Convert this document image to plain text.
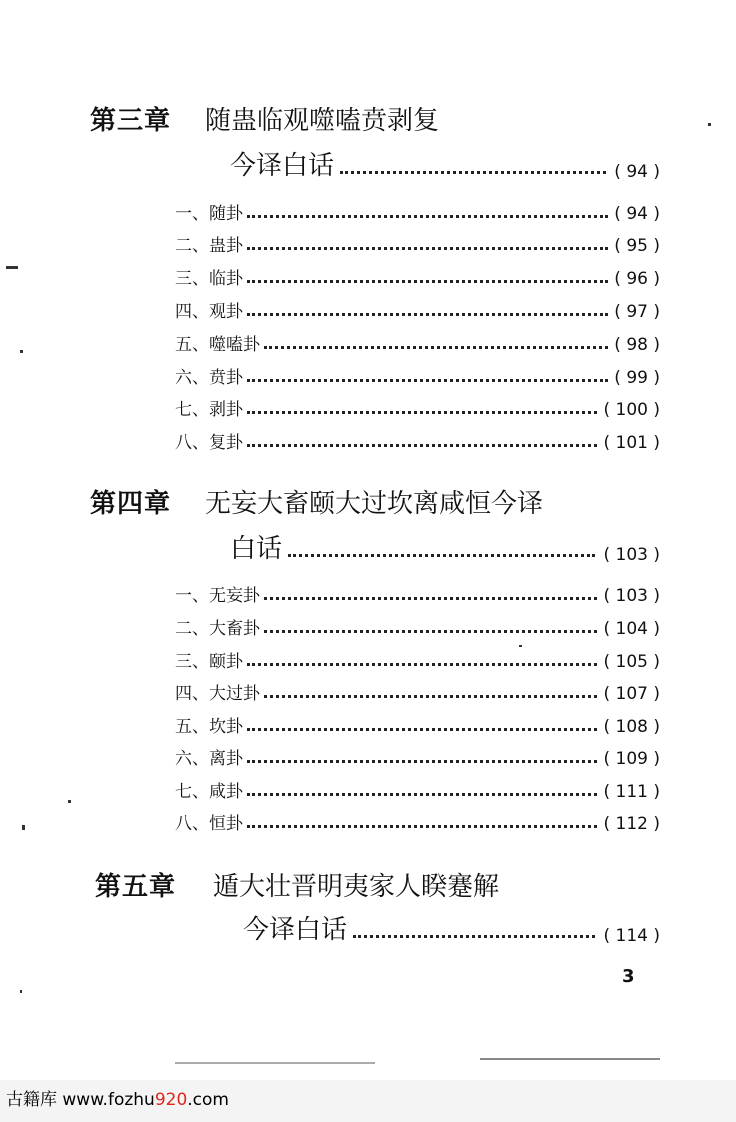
第三章 随蛊临观噬嗑贲剥复
今译白话	( 94 )
一、随卦	( 94 )
二、蛊卦	( 95 )
三、临卦	( 96 )
四、观卦	( 97 )
五、噬嗑卦	( 98 )
六、贲卦	( 99 )
七、剥卦	( 100 )
八、复卦	( 101 )
第四章 无妄大畜颐大过坎离咸恒今译
白话	( 103 )
一、无妄卦	( 103 )
二、大畜卦	( 104 )
三、颐卦	( 105 )
四、大过卦	( 107 )
五、坎卦	( 108 )
六、离卦	( 109 )
七、咸卦	( 111 )
八、恒卦	( 112 )
第五章 遁大壮晋明夷家人睽蹇解
今译白话	( 114 )
3
古籍库 www.fozhu920.com
